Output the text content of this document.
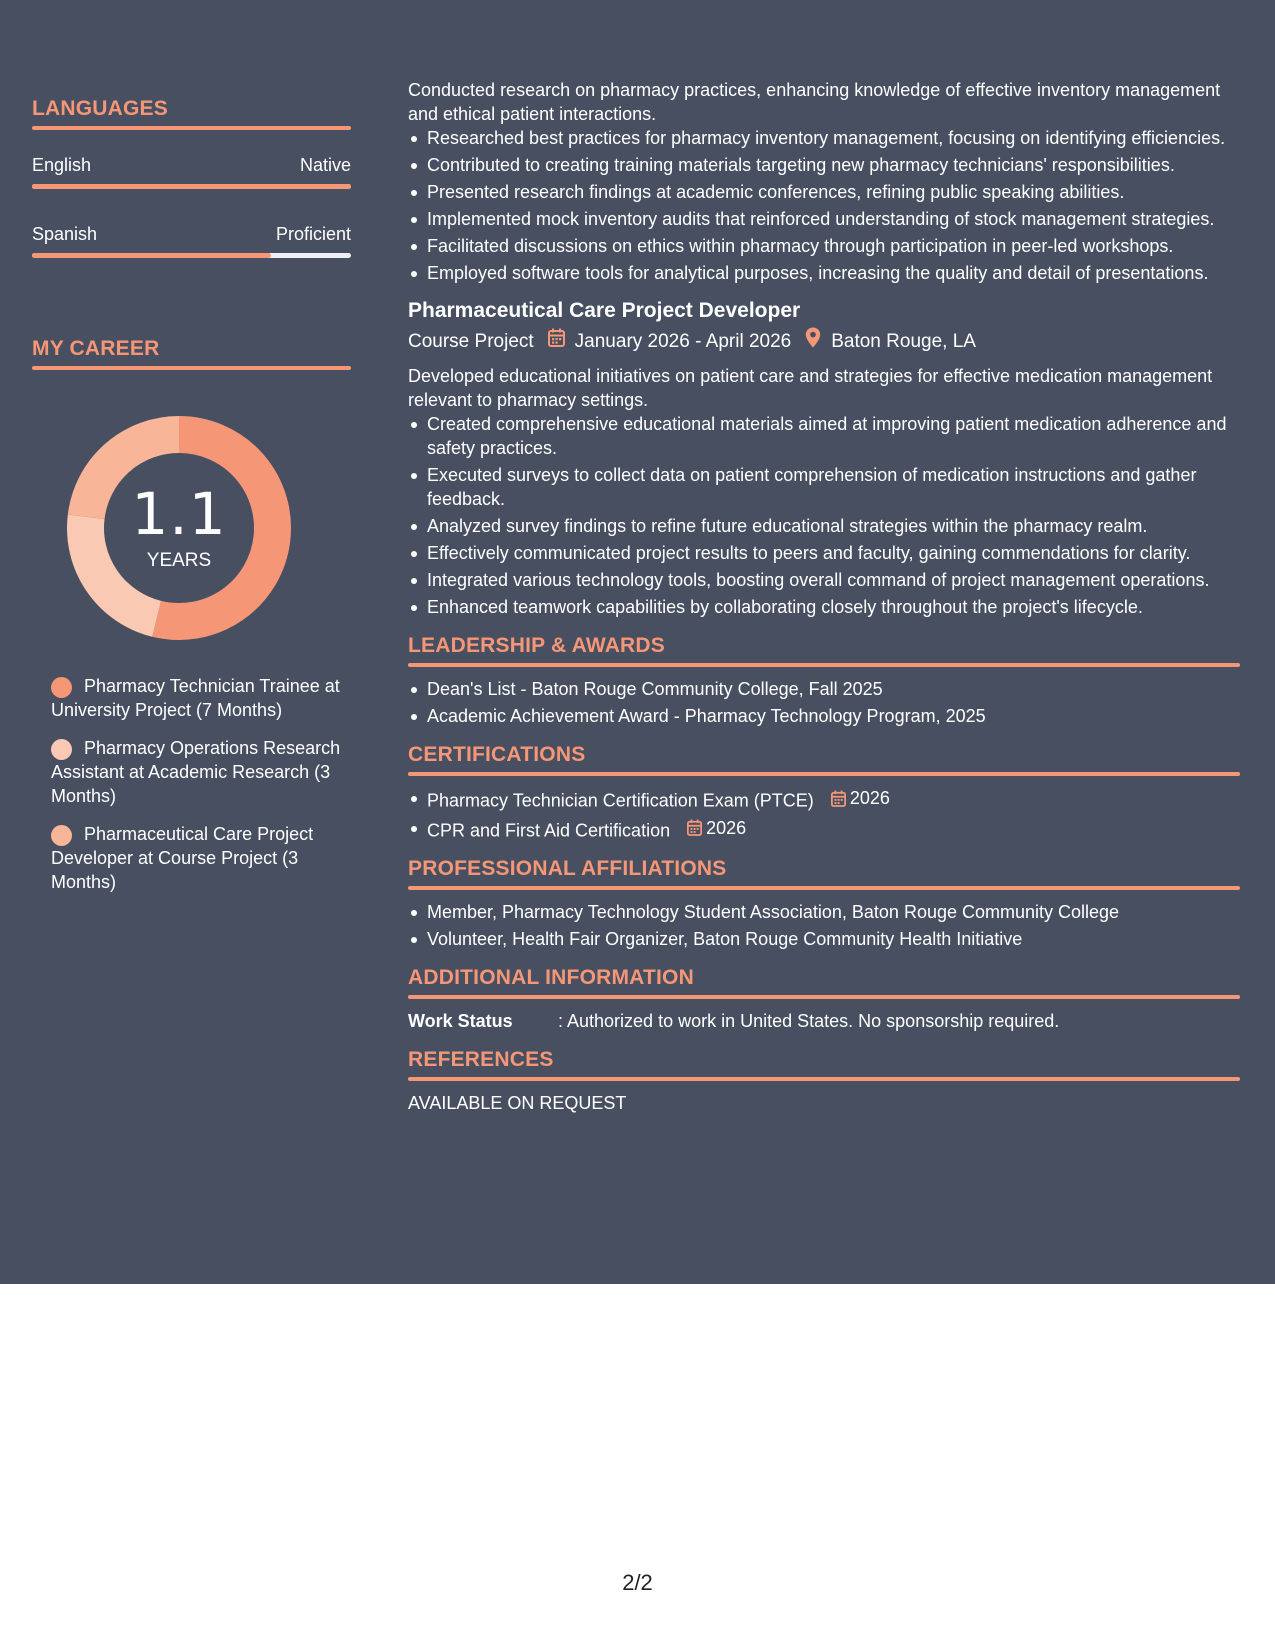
LANGUAGES
English	Native
Spanish	Proficient
MY CAREER
1.1
YEARS
Pharmacy Technician Trainee at University Project (7 Months)
Pharmacy Operations Research Assistant at Academic Research (3 Months)
Pharmaceutical Care Project Developer at Course Project (3 Months)

Conducted research on pharmacy practices, enhancing knowledge of effective inventory management and ethical patient interactions.

Researched best practices for pharmacy inventory management, focusing on identifying efficiencies.
Contributed to creating training materials targeting new pharmacy technicians' responsibilities.
Presented research findings at academic conferences, refining public speaking abilities.
Implemented mock inventory audits that reinforced understanding of stock management strategies.
Facilitated discussions on ethics within pharmacy through participation in peer-led workshops.
Employed software tools for analytical purposes, increasing the quality and detail of presentations.
Pharmaceutical Care Project Developer
Course Project January 2026 - April 2026 Baton Rouge, LA

Developed educational initiatives on patient care and strategies for effective medication management relevant to pharmacy settings.

Created comprehensive educational materials aimed at improving patient medication adherence and safety practices.
Executed surveys to collect data on patient comprehension of medication instructions and gather feedback.
Analyzed survey findings to refine future educational strategies within the pharmacy realm.
Effectively communicated project results to peers and faculty, gaining commendations for clarity.
Integrated various technology tools, boosting overall command of project management operations.
Enhanced teamwork capabilities by collaborating closely throughout the project's lifecycle.
LEADERSHIP & AWARDS
Dean's List - Baton Rouge Community College, Fall 2025
Academic Achievement Award - Pharmacy Technology Program, 2025
CERTIFICATIONS
Pharmacy Technician Certification Exam (PTCE) 2026
CPR and First Aid Certification 2026
PROFESSIONAL AFFILIATIONS
Member, Pharmacy Technology Student Association, Baton Rouge Community College
Volunteer, Health Fair Organizer, Baton Rouge Community Health Initiative
ADDITIONAL INFORMATION
Work Status	: Authorized to work in United States. No sponsorship required.
REFERENCES

AVAILABLE ON REQUEST

2/2
